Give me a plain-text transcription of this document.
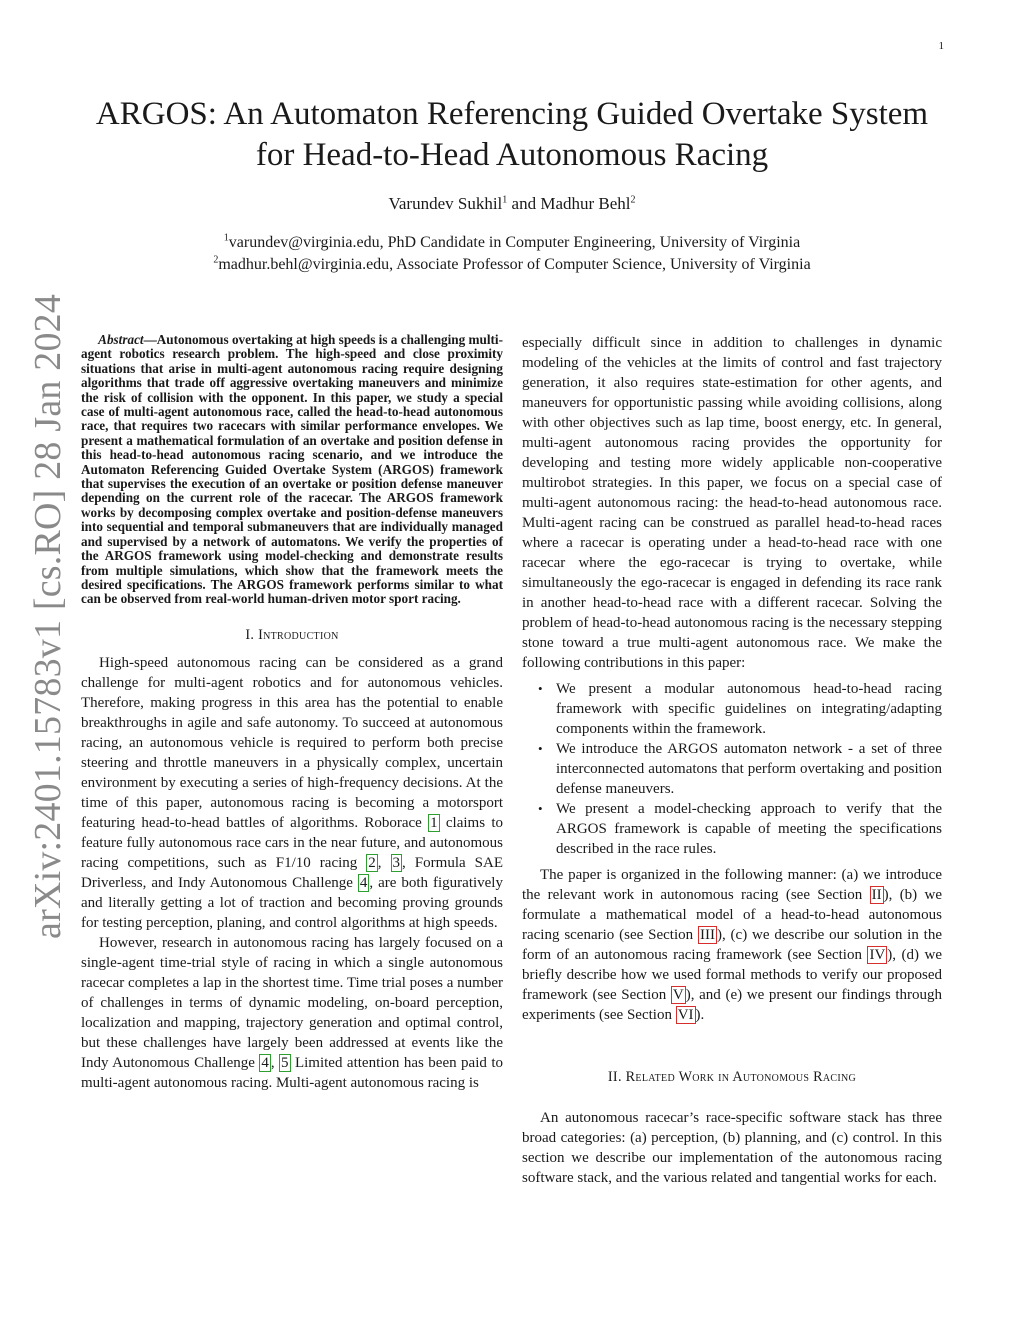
1
arXiv:2401.15783v1 [cs.RO] 28 Jan 2024
ARGOS: An Automaton Referencing Guided Overtake System
for Head-to-Head Autonomous Racing
Varundev Sukhil$^1$ and Madhur Behl$^2$
$^1$varundev@virginia.edu, PhD Candidate in Computer Engineering, University of Virginia
$^2$madhur.behl@virginia.edu, Associate Professor of Computer Science, University of Virginia

Abstract—Autonomous overtaking at high speeds is a challenging multi-agent robotics research problem. The high-speed and close proximity situations that arise in multi-agent autonomous racing require designing algorithms that trade off aggressive overtaking maneuvers and minimize the risk of collision with the opponent. In this paper, we study a special case of multi-agent autonomous race, called the head-to-head autonomous race, that requires two racecars with similar performance envelopes. We present a mathematical formulation of an overtake and position defense in this head-to-head autonomous racing scenario, and we introduce the Automaton Referencing Guided Overtake System (ARGOS) framework that supervises the execution of an overtake or position defense maneuver depending on the current role of the racecar. The ARGOS framework works by decomposing complex overtake and position-defense maneuvers into sequential and temporal submaneuvers that are individually managed and supervised by a network of automatons. We verify the properties of the ARGOS framework using model-checking and demonstrate results from multiple simulations, which show that the framework meets the desired specifications. The ARGOS framework performs similar to what can be observed from real-world human-driven motor sport racing.

I. Introduction

High-speed autonomous racing can be considered as a grand challenge for multi-agent robotics and for autonomous vehicles. Therefore, making progress in this area has the potential to enable breakthroughs in agile and safe autonomy. To succeed at autonomous racing, an autonomous vehicle is required to perform both precise steering and throttle maneuvers in a physically complex, uncertain environment by executing a series of high-frequency decisions. At the time of this paper, autonomous racing is becoming a motorsport featuring head-to-head battles of algorithms. Roborace 1 claims to feature fully autonomous race cars in the near future, and autonomous racing competitions, such as F1/10 racing 2 , 3 , Formula SAE Driverless, and Indy Autonomous Challenge 4 , are both figuratively and literally getting a lot of traction and becoming proving grounds for testing perception, planing, and control algorithms at high speeds.

However, research in autonomous racing has largely focused on a single-agent time-trial style of racing in which a single autonomous racecar completes a lap in the shortest time. Time trial poses a number of challenges in terms of dynamic modeling, on-board perception, localization and mapping, trajectory generation and optimal control, but these challenges have largely been addressed at events like the Indy Autonomous Challenge 4 , 5 Limited attention has been paid to multi-agent autonomous racing. Multi-agent autonomous racing is

especially difficult since in addition to challenges in dynamic modeling of the vehicles at the limits of control and fast trajectory generation, it also requires state-estimation for other agents, and maneuvers for opportunistic passing while avoiding collisions, along with other objectives such as lap time, boost energy, etc. In general, multi-agent autonomous racing provides the opportunity for developing and testing more widely applicable non-cooperative multirobot strategies. In this paper, we focus on a special case of multi-agent autonomous racing: the head-to-head autonomous race. Multi-agent racing can be construed as parallel head-to-head races where a racecar is operating under a head-to-head race with one racecar where the ego-racecar is trying to overtake, while simultaneously the ego-racecar is engaged in defending its race rank in another head-to-head race with a different racecar. Solving the problem of head-to-head autonomous racing is the necessary stepping stone toward a true multi-agent autonomous race. We make the following contributions in this paper:

• We present a modular autonomous head-to-head racing framework with specific guidelines on integrating/adapting components within the framework.
• We introduce the ARGOS automaton network - a set of three interconnected automatons that perform overtaking and position defense maneuvers.
• We present a model-checking approach to verify that the ARGOS framework is capable of meeting the specifications described in the race rules.

The paper is organized in the following manner: (a) we introduce the relevant work in autonomous racing (see Section II ), (b) we formulate a mathematical model of a head-to-head autonomous racing scenario (see Section III ), (c) we describe our solution in the form of an autonomous racing framework (see Section IV ), (d) we briefly describe how we used formal methods to verify our proposed framework (see Section V ), and (e) we present our findings through experiments (see Section VI ).

II. Related Work in Autonomous Racing

An autonomous racecar’s race-specific software stack has three broad categories: (a) perception, (b) planning, and (c) control. In this section we describe our implementation of the autonomous racing software stack, and the various related and tangential works for each.
